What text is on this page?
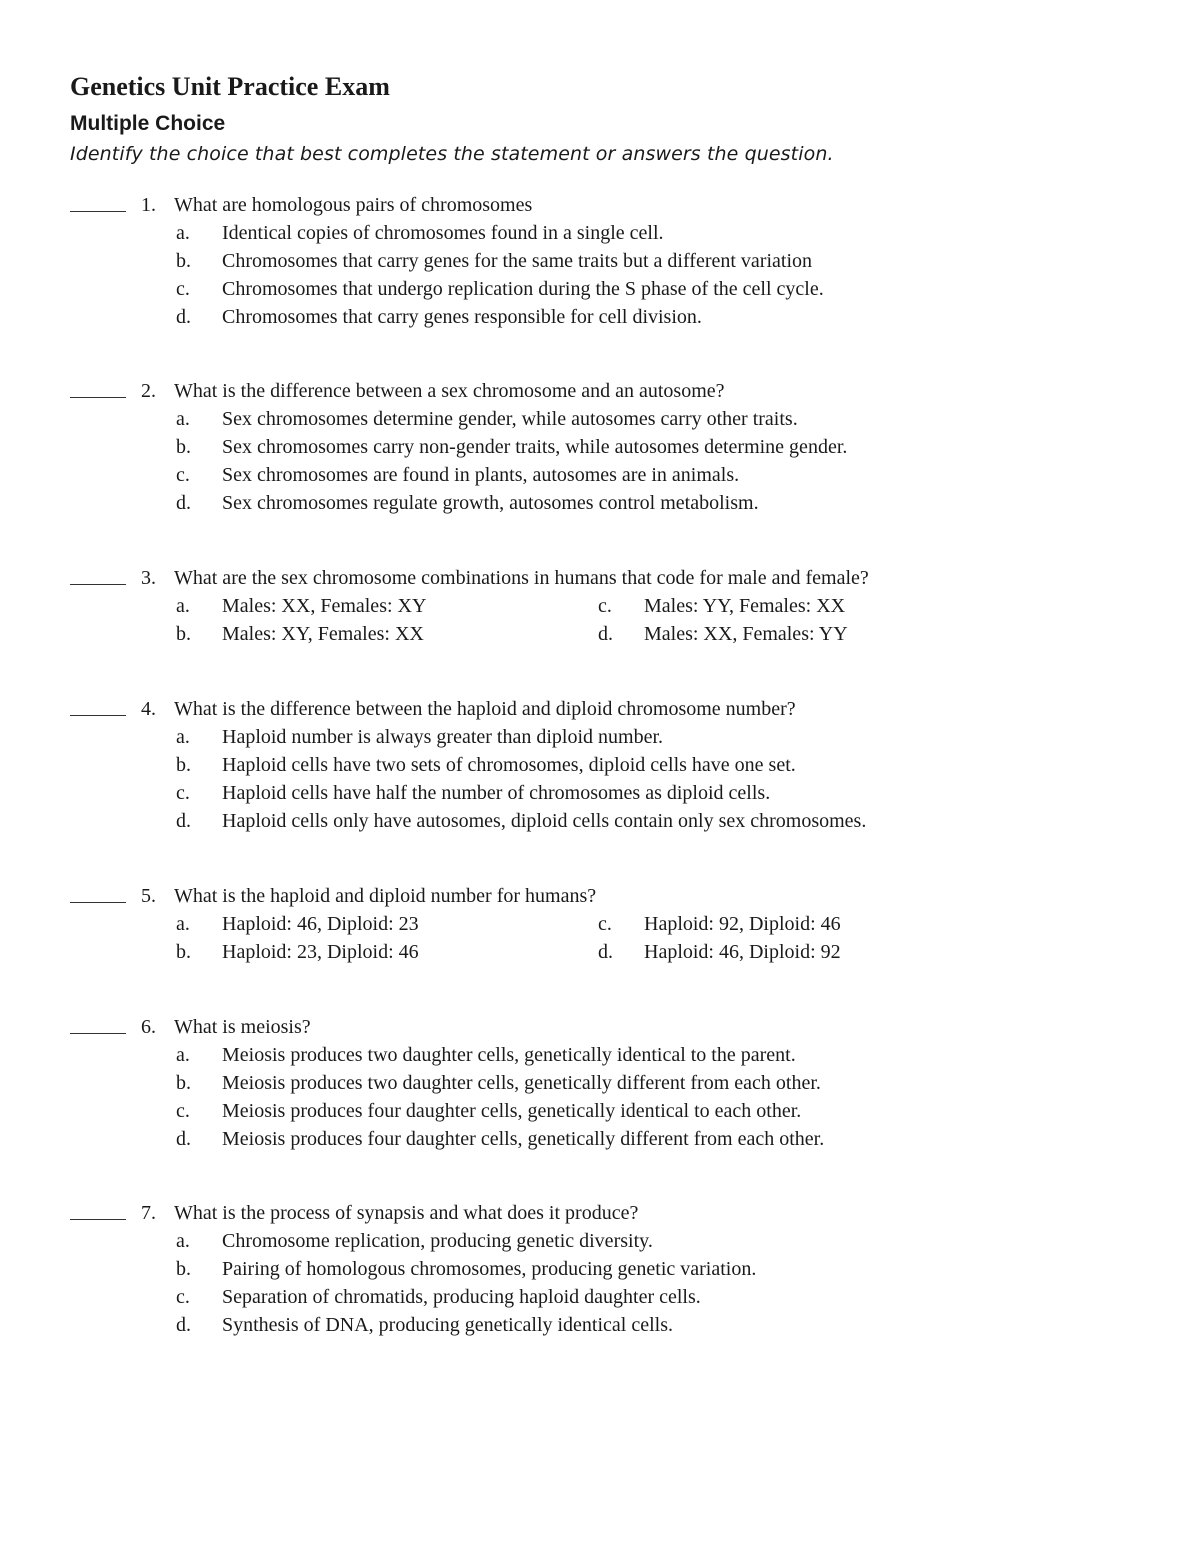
Genetics Unit Practice Exam
Multiple Choice

Identify the choice that best completes the statement or answers the question.

1. What are homologous pairs of chromosomes
a. Identical copies of chromosomes found in a single cell.
b. Chromosomes that carry genes for the same traits but a different variation
c. Chromosomes that undergo replication during the S phase of the cell cycle.
d. Chromosomes that carry genes responsible for cell division.
2. What is the difference between a sex chromosome and an autosome?
a. Sex chromosomes determine gender, while autosomes carry other traits.
b. Sex chromosomes carry non-gender traits, while autosomes determine gender.
c. Sex chromosomes are found in plants, autosomes are in animals.
d. Sex chromosomes regulate growth, autosomes control metabolism.
3. What are the sex chromosome combinations in humans that code for male and female?
a. Males: XX, Females: XY	c. Males: YY, Females: XX
b. Males: XY, Females: XX	d. Males: XX, Females: YY
4. What is the difference between the haploid and diploid chromosome number?
a. Haploid number is always greater than diploid number.
b. Haploid cells have two sets of chromosomes, diploid cells have one set.
c. Haploid cells have half the number of chromosomes as diploid cells.
d. Haploid cells only have autosomes, diploid cells contain only sex chromosomes.
5. What is the haploid and diploid number for humans?
a. Haploid: 46, Diploid: 23	c. Haploid: 92, Diploid: 46
b. Haploid: 23, Diploid: 46	d. Haploid: 46, Diploid: 92
6. What is meiosis?
a. Meiosis produces two daughter cells, genetically identical to the parent.
b. Meiosis produces two daughter cells, genetically different from each other.
c. Meiosis produces four daughter cells, genetically identical to each other.
d. Meiosis produces four daughter cells, genetically different from each other.
7. What is the process of synapsis and what does it produce?
a. Chromosome replication, producing genetic diversity.
b. Pairing of homologous chromosomes, producing genetic variation.
c. Separation of chromatids, producing haploid daughter cells.
d. Synthesis of DNA, producing genetically identical cells.
